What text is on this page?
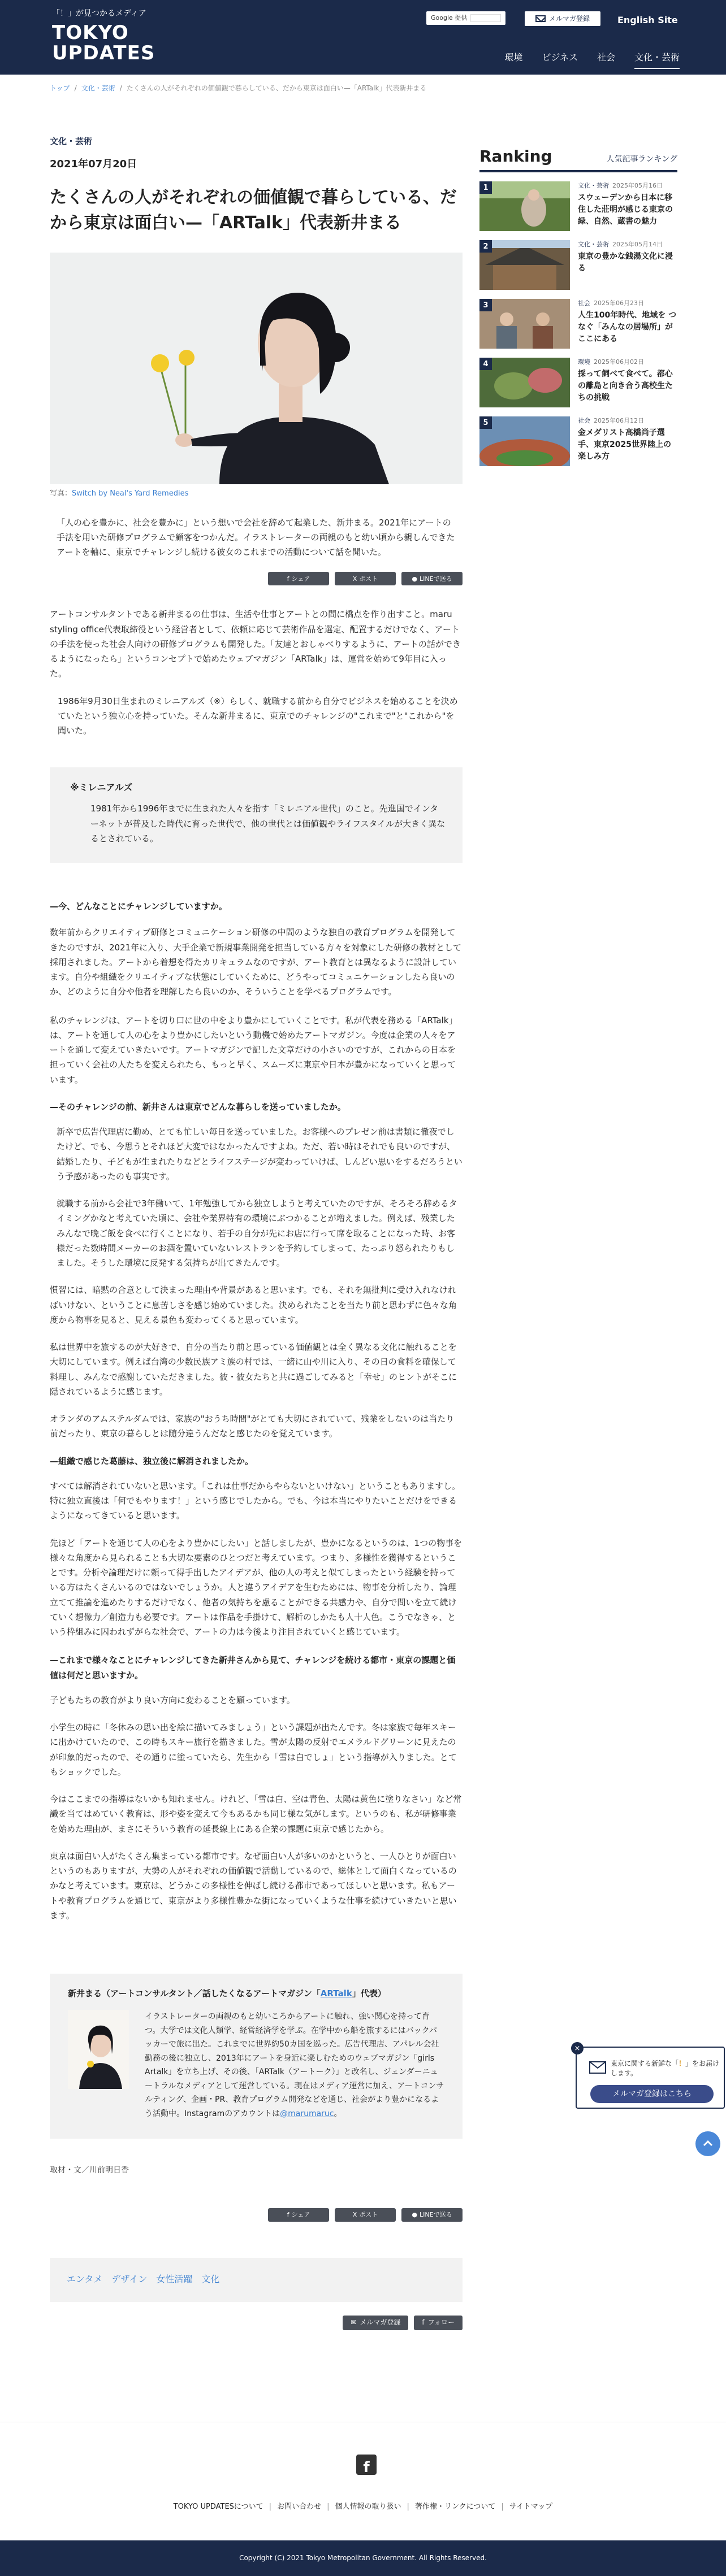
「！」が見つかるメディア
TOKYO
UPDATES
Google 提供	メルマガ登録	English Site
環境 ビジネス 社会 文化・芸術
トップ / 文化・芸術 / たくさんの人がそれぞれの価値観で暮らしている、だから東京は面白い—「ARTalk」代表新井まる
文化・芸術
2021年07月20日
たくさんの人がそれぞれの価値観で暮らしている、だから東京は面白い—「ARTalk」代表新井まる
写真：Switch by Neal's Yard Remedies

「人の心を豊かに、社会を豊かに」という想いで会社を辞めて起業した、新井まる。2021年にアートの手法を用いた研修プログラムで顧客をつかんだ。イラストレーターの両親のもと幼い頃から親しんできたアートを軸に、東京でチャレンジし続ける彼女のこれまでの活動について話を聞いた。

f シェア	X ポスト	● LINEで送る

アートコンサルタントである新井まるの仕事は、生活や仕事とアートとの間に橋点を作り出すこと。maru styling office代表取締役という経営者として、依頼に応じて芸術作品を選定、配置するだけでなく、アートの手法を使った社会人向けの研修プログラムも開発した。「友達とおしゃべりするように、アートの話ができるようになったら」というコンセプトで始めたウェブマガジン「ARTalk」は、運営を始めて9年目に入った。

1986年9月30日生まれのミレニアルズ（※）らしく、就職する前から自分でビジネスを始めることを決めていたという独立心を持っていた。そんな新井まるに、東京でのチャレンジの"これまで"と"これから"を聞いた。

※ミレニアルズ
1981年から1996年までに生まれた人々を指す「ミレニアル世代」のこと。先進国でインターネットが普及した時代に育った世代で、他の世代とは価値観やライフスタイルが大きく異なるとされている。
—今、どんなことにチャレンジしていますか。

数年前からクリエイティブ研修とコミュニケーション研修の中間のような独自の教育プログラムを開発してきたのですが、2021年に入り、大手企業で新規事業開発を担当している方々を対象にした研修の教材として採用されました。アートから着想を得たカリキュラムなのですが、アート教育とは異なるように設計しています。自分や組織をクリエイティブな状態にしていくために、どうやってコミュニケーションしたら良いのか、どのように自分や他者を理解したら良いのか、そういうことを学べるプログラムです。

私のチャレンジは、アートを切り口に世の中をより豊かにしていくことです。私が代表を務める「ARTalk」は、アートを通して人の心をより豊かにしたいという動機で始めたアートマガジン。今度は企業の人々をアートを通して変えていきたいです。アートマガジンで記した文章だけの小さいのですが、これからの日本を担っていく会社の人たちを変えられたら、もっと早く、スムーズに東京や日本が豊かになっていくと思っています。

—そのチャレンジの前、新井さんは東京でどんな暮らしを送っていましたか。

新卒で広告代理店に勤め、とても忙しい毎日を送っていました。お客様へのプレゼン前は書類に徹夜でしたけど、でも、今思うとそれほど大変ではなかったんですよね。ただ、若い時はそれでも良いのですが、結婚したり、子どもが生まれたりなどとライフステージが変わっていけば、しんどい思いをするだろうという予感があったのも事実です。

就職する前から会社で3年働いて、1年勉強してから独立しようと考えていたのですが、そろそろ辞めるタイミングかなと考えていた頃に、会社や業界特有の環境にぶつかることが増えました。例えば、残業したみんなで晩ご飯を食べに行くことになり、若手の自分が先にお店に行って席を取ることになった時、お客様だった数時間メーカーのお酒を置いていないレストランを予約してしまって、たっぷり怒られたりもしました。そうした環境に反発する気持ちが出てきたんです。

慣習には、暗黙の合意として決まった理由や背景があると思います。でも、それを無批判に受け入れなければいけない、ということに息苦しさを感じ始めていました。決められたことを当たり前と思わずに色々な角度から物事を見ると、見える景色も変わってくると思っています。

私は世界中を旅するのが大好きで、自分の当たり前と思っている価値観とは全く異なる文化に触れることを大切にしています。例えば台湾の少数民族アミ族の村では、一緒に山や川に入り、その日の食料を確保して料理し、みんなで感謝していただきました。彼・彼女たちと共に過ごしてみると「幸せ」のヒントがそこに隠されているように感じます。

オランダのアムステルダムでは、家族の"おうち時間"がとても大切にされていて、残業をしないのは当たり前だったり、東京の暮らしとは随分違うんだなと感じたのを覚えています。

—組織で感じた葛藤は、独立後に解消されましたか。

すべては解消されていないと思います。「これは仕事だからやらないといけない」ということもありますし。特に独立直後は「何でもやります！」という感じでしたから。でも、今は本当にやりたいことだけをできるようになってきていると思います。

先ほど「アートを通じて人の心をより豊かにしたい」と話しましたが、豊かになるというのは、1つの物事を様々な角度から見られることも大切な要素のひとつだと考えています。つまり、多様性を獲得するということです。分析や論理だけに頼って得手出したアイデアが、他の人の考えと似てしまったという経験を持っている方はたくさんいるのではないでしょうか。人と違うアイデアを生むためには、物事を分析したり、論理立てて推論を進めたりするだけでなく、他者の気持ちを慮ることができる共感力や、自分で問いを立て続けていく想像力／創造力も必要です。アートは作品を手掛けて、解析のしかたも人十人色。こうでなきゃ、という枠組みに囚われずがらな社会で、アートの力は今後より注目されていくと感じています。

—これまで様々なことにチャレンジしてきた新井さんから見て、チャレンジを続ける都市・東京の課題と価値は何だと思いますか。

子どもたちの教育がより良い方向に変わることを願っています。

小学生の時に「冬休みの思い出を絵に描いてみましょう」という課題が出たんです。冬は家族で毎年スキーに出かけていたので、この時もスキー旅行を描きました。雪が太陽の反射でエメラルドグリーンに見えたのが印象的だったので、その通りに塗っていたら、先生から「雪は白でしょ」という指導が入りました。とてもショックでした。

今はここまでの指導はないかも知れません。けれど、「雪は白、空は青色、太陽は黄色に塗りなさい」など常識を当てはめていく教育は、形や姿を変えて今もあるかも同じ様な気がします。というのも、私が研修事業を始めた理由が、まさにそういう教育の延長線上にある企業の課題に東京で感じたから。

東京は面白い人がたくさん集まっている都市です。なぜ面白い人が多いのかというと、一人ひとりが面白いというのもありますが、大勢の人がそれぞれの価値観で活動しているので、総体として面白くなっているのかなと考えています。東京は、どうかこの多様性を伸ばし続ける都市であってほしいと思います。私もアートや教育プログラムを通じて、東京がより多様性豊かな街になっていくような仕事を続けていきたいと思います。

新井まる（アートコンサルタント／話したくなるアートマガジン「ARTalk」代表）
イラストレーターの両親のもと幼いころからアートに触れ、強い関心を持って育つ。大学では文化人類学、経営経済学を学ぶ。在学中から船を旅するにはバックパッカーで旅に出た。これまでに世界約50カ国を巡った。広告代理店、アパレル会社勤務の後に独立し、2013年にアートを身近に楽しむためのウェブマガジン「girls Artalk」を立ち上げ、その後、「ARTalk（アートーク）」と改名し、ジェンダーニュートラルなメディアとして運営している。現在はメディア運営に加え、アートコンサルティング、企画・PR、教育プログラム開発などを通じ、社会がより豊かになるよう活動中。Instagramのアカウントは@marumaruc。
取材・文／川前明日香
f シェア	X ポスト	● LINEで送る
エンタメ デザイン 女性活躍 文化
✉ メルマガ登録	f フォロー
Ranking	人気記事ランキング
1	文化・芸術 2025年05月16日
スウェーデンから日本に移住した莊明が感じる東京の緑、自然、蔵書の魅力
2	文化・芸術 2025年05月14日
東京の豊かな銭湯文化に浸る
3	社会 2025年06月23日
人生100年時代、地域を つなぐ「みんなの居場所」がここにある
4	環境 2025年06月02日
採って飼べて食べて。都心の離島と向き合う高校生たちの挑戦
5	社会 2025年06月12日
金メダリスト高橋尚子選手、東京2025世界陸上の楽しみ方
×
東京に関する新鮮な「！」をお届けします。
メルマガ登録はこちら
f
TOKYO UPDATESについて | お問い合わせ | 個人情報の取り扱い | 著作権・リンクについて | サイトマップ
Copyright (C) 2021 Tokyo Metropolitan Government. All Rights Reserved.
